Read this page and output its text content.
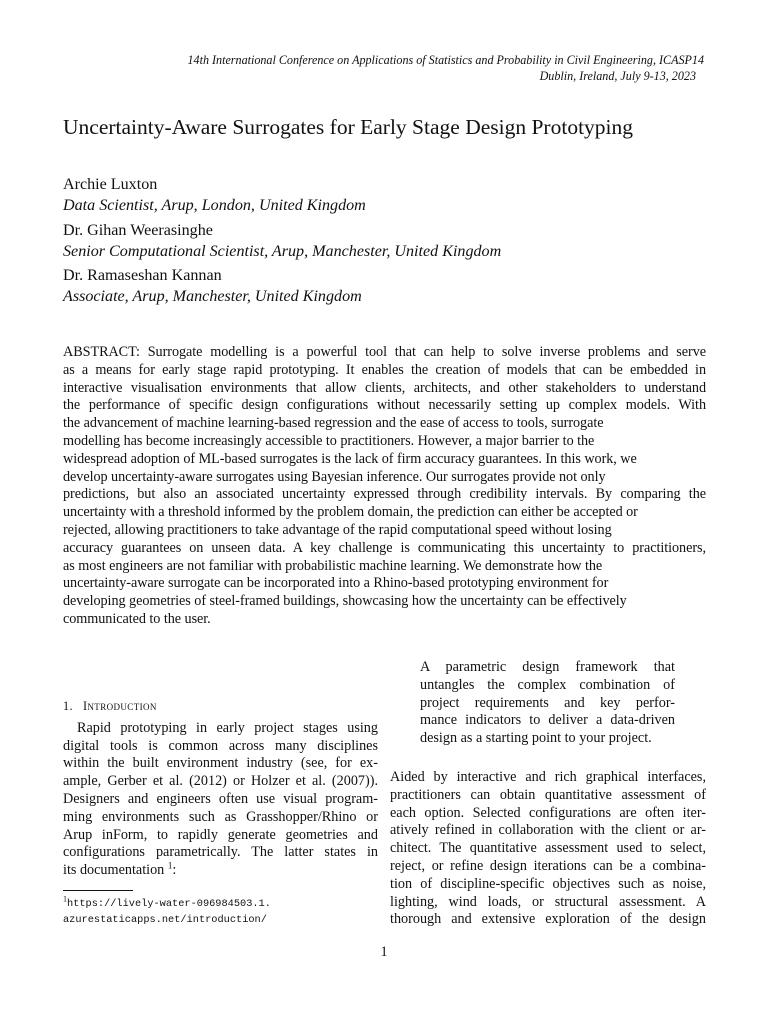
14th International Conference on Applications of Statistics and Probability in Civil Engineering, ICASP14
Dublin, Ireland, July 9-13, 2023
Uncertainty-Aware Surrogates for Early Stage Design Prototyping
Archie Luxton
Data Scientist, Arup, London, United Kingdom
Dr. Gihan Weerasinghe
Senior Computational Scientist, Arup, Manchester, United Kingdom
Dr. Ramaseshan Kannan
Associate, Arup, Manchester, United Kingdom
ABSTRACT: Surrogate modelling is a powerful tool that can help to solve inverse problems and serve
as a means for early stage rapid prototyping. It enables the creation of models that can be embedded in
interactive visualisation environments that allow clients, architects, and other stakeholders to understand
the performance of specific design configurations without necessarily setting up complex models. With
the advancement of machine learning-based regression and the ease of access to tools, surrogate
modelling has become increasingly accessible to practitioners. However, a major barrier to the
widespread adoption of ML-based surrogates is the lack of firm accuracy guarantees. In this work, we
develop uncertainty-aware surrogates using Bayesian inference. Our surrogates provide not only
predictions, but also an associated uncertainty expressed through credibility intervals. By comparing the
uncertainty with a threshold informed by the problem domain, the prediction can either be accepted or
rejected, allowing practitioners to take advantage of the rapid computational speed without losing
accuracy guarantees on unseen data. A key challenge is communicating this uncertainty to practitioners,
as most engineers are not familiar with probabilistic machine learning. We demonstrate how the
uncertainty-aware surrogate can be incorporated into a Rhino-based prototyping environment for
developing geometries of steel-framed buildings, showcasing how the uncertainty can be effectively
communicated to the user.
1. Introduction
Rapid prototyping in early project stages using
digital tools is common across many disciplines
within the built environment industry (see, for ex-
ample, Gerber et al. (2012) or Holzer et al. (2007)).
Designers and engineers often use visual program-
ming environments such as Grasshopper/Rhino or
Arup inForm, to rapidly generate geometries and
configurations parametrically. The latter states in
its documentation $^1$:
$^1$https://lively-water-096984503.1.
azurestaticapps.net/introduction/
A parametric design framework that
untangles the complex combination of
project requirements and key perfor-
mance indicators to deliver a data-driven
design as a starting point to your project.
Aided by interactive and rich graphical interfaces,
practitioners can obtain quantitative assessment of
each option. Selected configurations are often iter-
atively refined in collaboration with the client or ar-
chitect. The quantitative assessment used to select,
reject, or refine design iterations can be a combina-
tion of discipline-specific objectives such as noise,
lighting, wind loads, or structural assessment. A
thorough and extensive exploration of the design
1
